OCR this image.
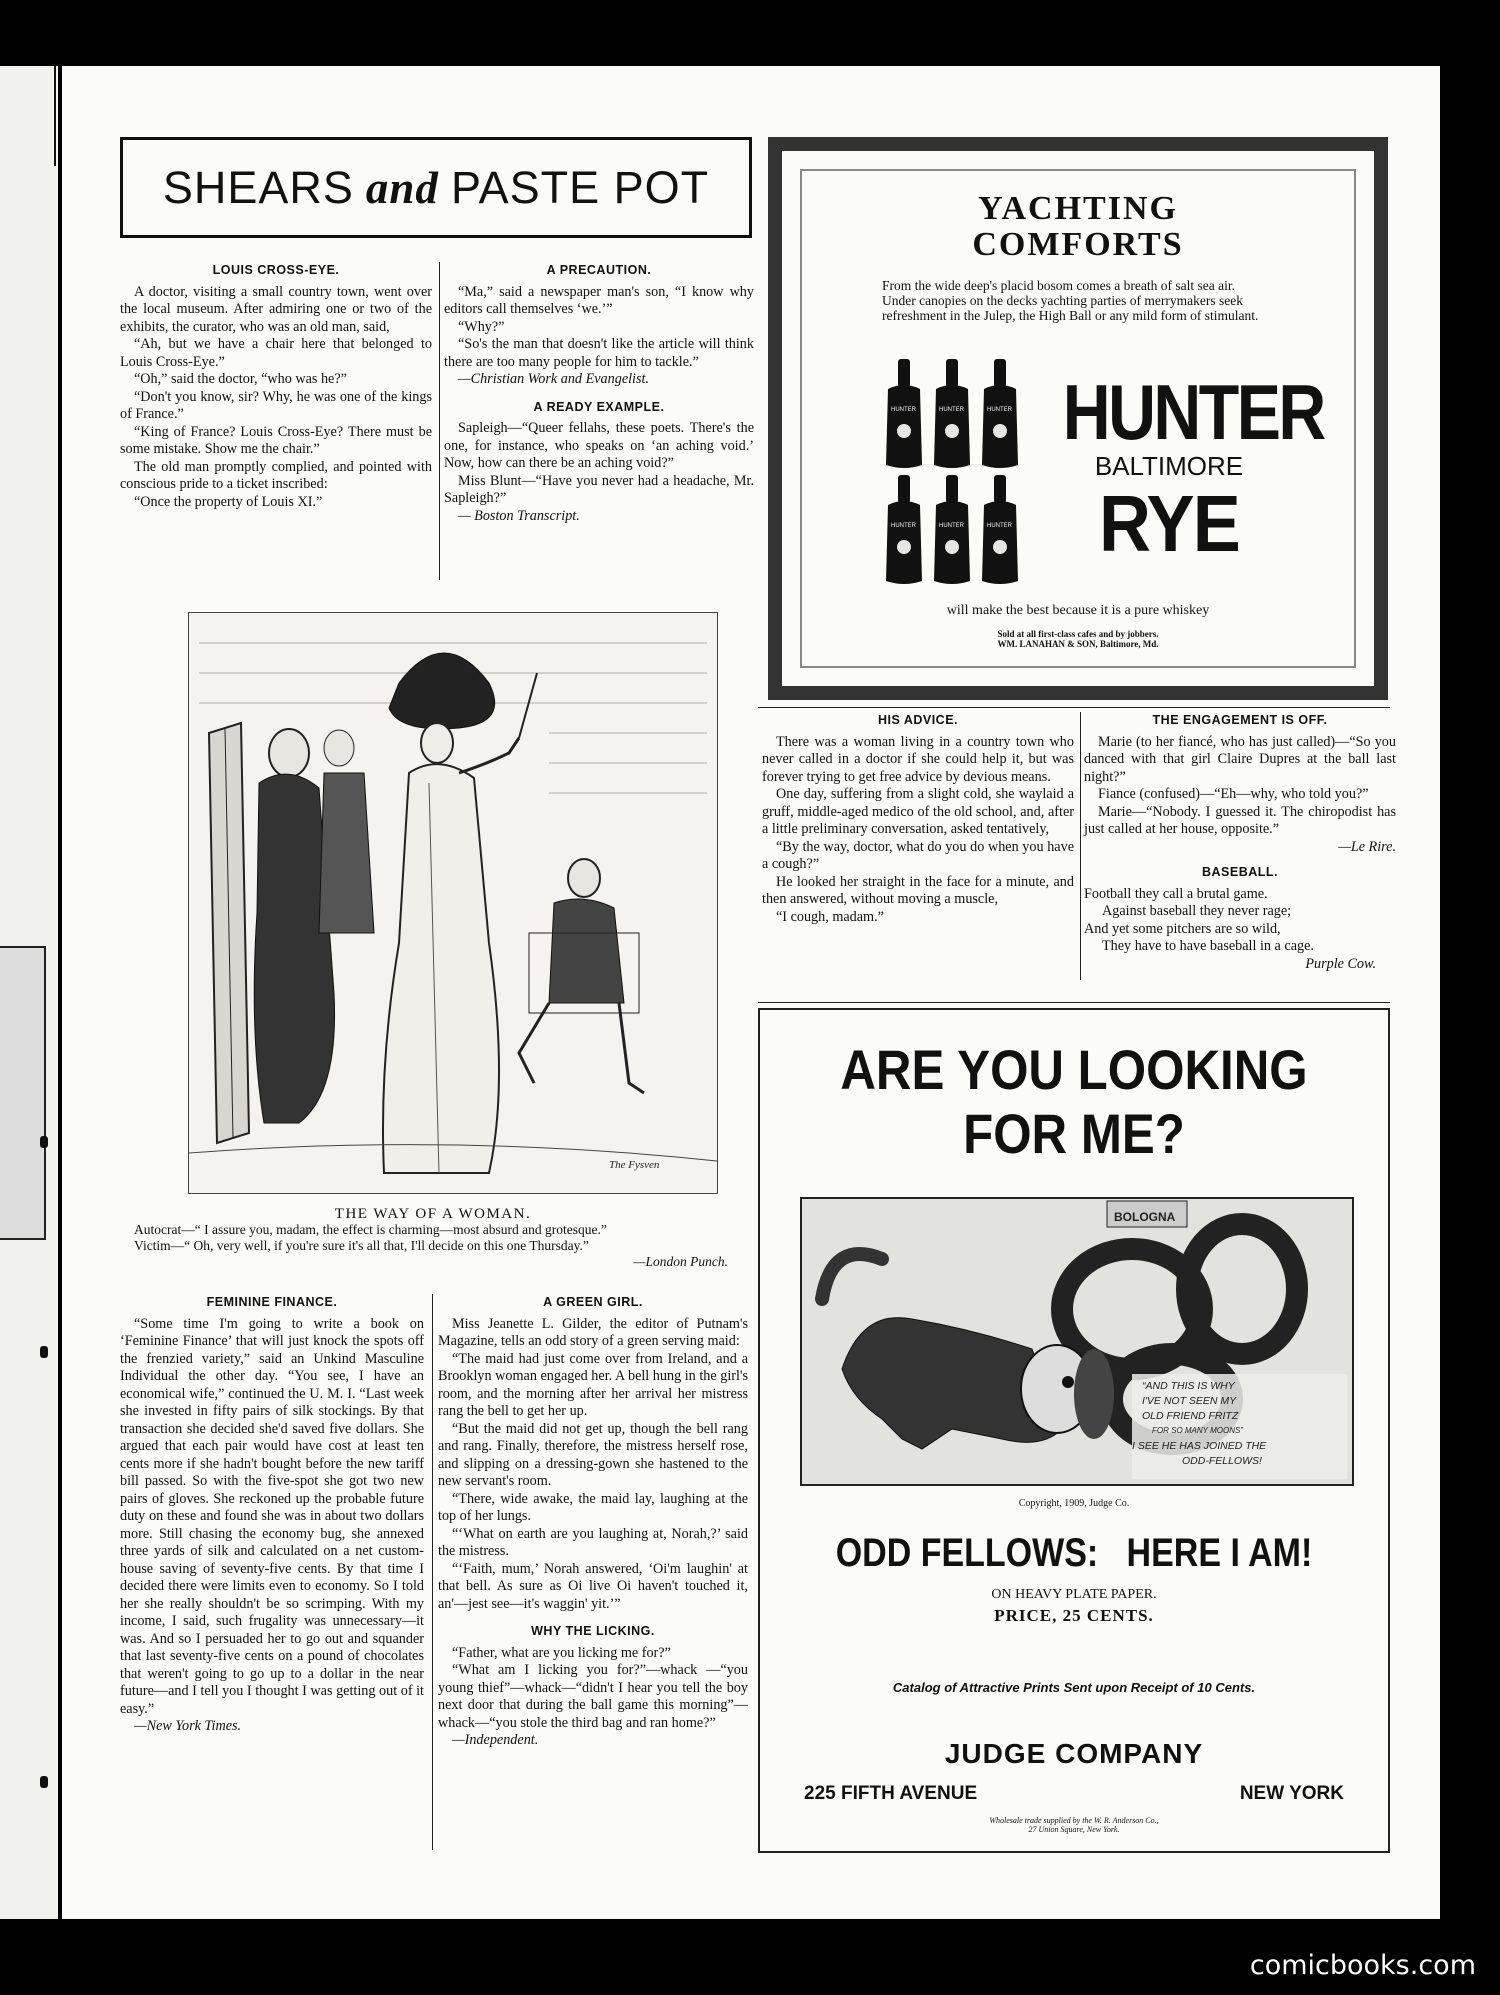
SHEARS and PASTE POT
LOUIS CROSS-EYE.

A doctor, visiting a small country town, went over the local museum. After admiring one or two of the exhibits, the curator, who was an old man, said,

“Ah, but we have a chair here that belonged to Louis Cross-Eye.”

“Oh,” said the doctor, “who was he?”

“Don't you know, sir? Why, he was one of the kings of France.”

“King of France? Louis Cross-Eye? There must be some mistake. Show me the chair.”

The old man promptly complied, and pointed with conscious pride to a ticket inscribed:

“Once the property of Louis XI.”

A PRECAUTION.

“Ma,” said a newspaper man's son, “I know why editors call themselves ‘we.’”

“Why?”

“So's the man that doesn't like the article will think there are too many people for him to tackle.”

—Christian Work and Evangelist.

A READY EXAMPLE.

Sapleigh—“Queer fellahs, these poets. There's the one, for instance, who speaks on ‘an aching void.’ Now, how can there be an aching void?”

Miss Blunt—“Have you never had a headache, Mr. Sapleigh?”

— Boston Transcript.

The Fysven
THE WAY OF A WOMAN.
Autocrat—“ I assure you, madam, the effect is charming—most absurd and grotesque.”
Victim—“ Oh, very well, if you're sure it's all that, I'll decide on this one Thursday.”
—London Punch.
FEMININE FINANCE.

“Some time I'm going to write a book on ‘Feminine Finance’ that will just knock the spots off the frenzied variety,” said an Unkind Masculine Individual the other day. “You see, I have an economical wife,” continued the U. M. I. “Last week she invested in fifty pairs of silk stockings. By that transaction she decided she'd saved five dollars. She argued that each pair would have cost at least ten cents more if she hadn't bought before the new tariff bill passed. So with the five-spot she got two new pairs of gloves. She reckoned up the probable future duty on these and found she was in about two dollars more. Still chasing the economy bug, she annexed three yards of silk and calculated on a net custom-house saving of seventy-five cents. By that time I decided there were limits even to economy. So I told her she really shouldn't be so scrimping. With my income, I said, such frugality was unnecessary—it was. And so I persuaded her to go out and squander that last seventy-five cents on a pound of chocolates that weren't going to go up to a dollar in the near future—and I tell you I thought I was getting out of it easy.”

—New York Times.

A GREEN GIRL.

Miss Jeanette L. Gilder, the editor of Putnam's Magazine, tells an odd story of a green serving maid:

“The maid had just come over from Ireland, and a Brooklyn woman engaged her. A bell hung in the girl's room, and the morning after her arrival her mistress rang the bell to get her up.

“But the maid did not get up, though the bell rang and rang. Finally, therefore, the mistress herself rose, and slipping on a dressing-gown she hastened to the new servant's room.

“There, wide awake, the maid lay, laughing at the top of her lungs.

“‘What on earth are you laughing at, Norah,?’ said the mistress.

“‘Faith, mum,’ Norah answered, ‘Oi'm laughin' at that bell. As sure as Oi live Oi haven't touched it, an'—jest see—it's waggin' yit.’”

WHY THE LICKING.

“Father, what are you licking me for?”

“What am I licking you for?”—whack —“you young thief”—whack—“didn't I hear you tell the boy next door that during the ball game this morning”—whack—“you stole the third bag and ran home?”

—Independent.

YACHTING
COMFORTS
From the wide deep's placid bosom comes a breath of salt sea air. Under canopies on the decks yachting parties of merrymakers seek refreshment in the Julep, the High Ball or any mild form of stimulant.
HUNTER	HUNTER	HUNTER
HUNTER	HUNTER	HUNTER
HUNTER
BALTIMORE
RYE
will make the best because it is a pure whiskey
Sold at all first-class cafes and by jobbers.
WM. LANAHAN & SON, Baltimore, Md.
HIS ADVICE.

There was a woman living in a country town who never called in a doctor if she could help it, but was forever trying to get free advice by devious means.

One day, suffering from a slight cold, she waylaid a gruff, middle-aged medico of the old school, and, after a little preliminary conversation, asked tentatively,

“By the way, doctor, what do you do when you have a cough?”

He looked her straight in the face for a minute, and then answered, without moving a muscle,

“I cough, madam.”

THE ENGAGEMENT IS OFF.

Marie (to her fiancé, who has just called)—“So you danced with that girl Claire Dupres at the ball last night?”

Fiance (confused)—“Eh—why, who told you?”

Marie—“Nobody. I guessed it. The chiropodist has just called at her house, opposite.”

—Le Rire.

BASEBALL.
Football they call a brutal game.
Against baseball they never rage;
And yet some pitchers are so wild,
They have to have baseball in a cage.
Purple Cow.
ARE YOU LOOKING
FOR ME?
BOLOGNA
“AND THIS IS WHY
I'VE NOT SEEN MY
OLD FRIEND FRITZ
FOR SO MANY MOONS”
I SEE HE HAS JOINED THE
ODD-FELLOWS!
Copyright, 1909, Judge Co.
ODD FELLOWS:   HERE I AM!
ON HEAVY PLATE PAPER.
PRICE, 25 CENTS.
Catalog of Attractive Prints Sent upon Receipt of 10 Cents.
JUDGE COMPANY
225 FIFTH AVENUE	NEW YORK
Wholesale trade supplied by the W. R. Anderson Co.,
27 Union Square, New York.
comicbooks.com
